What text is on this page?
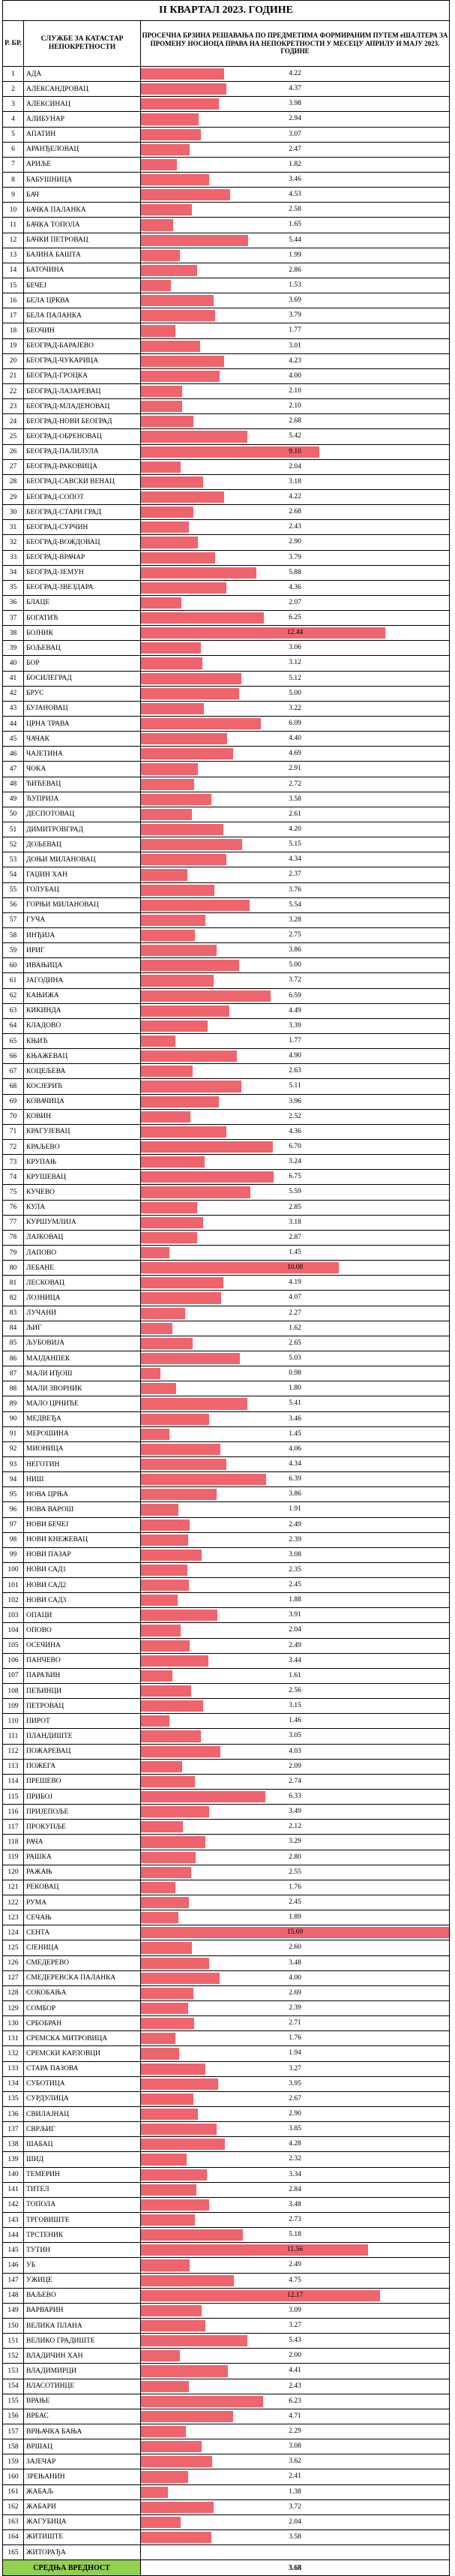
II КВАРТАЛ 2023. ГОДИНЕ		
Р. БР.	СЛУЖБЕ ЗА КАТАСТАР НЕПОКРЕТНОСТИ	ПРОСЕЧНА БРЗИНА РЕШАВАЊА ПО ПРЕДМЕТИМА ФОРМИРАНИМ ПУТЕМ еШАЛТЕРА ЗА ПРОМЕНУ НОСИОЦА ПРАВА НА НЕПОКРЕТНОСТИ У МЕСЕЦУ АПРИЛУ И МАЈУ 2023. ГОДИНЕ
1	АДА	4.22

2	АЛЕКСАНДРОВАЦ	4.37

3	АЛЕКСИНАЦ	3.98

4	АЛИБУНАР	2.94

5	АПАТИН	3.07

6	АРАНЂЕЛОВАЦ	2.47

7	АРИЉЕ	1.82

8	БАБУШНИЦА	3.46

9	БАЧ	4.53

10	БАЧКА ПАЛАНКА	2.58

11	БАЧКА ТОПОЛА	1.65

12	БАЧКИ ПЕТРОВАЦ	5.44

13	БАЈИНА БАШТА	1.99

14	БАТОЧИНА	2.86

15	БЕЧЕЈ	1.53

16	БЕЛА ЦРКВА	3.69

17	БЕЛА ПАЛАНКА	3.79

18	БЕОЧИН	1.77

19	БЕОГРАД-БАРАЈЕВО	3.01

20	БЕОГРАД-ЧУКАРИЦА	4.23

21	БЕОГРАД-ГРОЦКА	4.00

22	БЕОГРАД-ЛАЗАРЕВАЦ	2.10

23	БЕОГРАД-МЛАДЕНОВАЦ	2.10

24	БЕОГРАД-НОВИ БЕОГРАД	2.68

25	БЕОГРАД-ОБРЕНОВАЦ	5.42

26	БЕОГРАД-ПАЛИЛУЛА	9.10

27	БЕОГРАД-РАКОВИЦА	2.04

28	БЕОГРАД-САВСКИ ВЕНАЦ	3.18

29	БЕОГРАД-СОПОТ	4.22

30	БЕОГРАД-СТАРИ ГРАД	2.68

31	БЕОГРАД-СУРЧИН	2.43

32	БЕОГРАД-ВОЖДОВАЦ	2.90

33	БЕОГРАД-ВРАЧАР	3.79

34	БЕОГРАД-ЗЕМУН	5.88

35	БЕОГРАД-ЗВЕЗДАРА	4.36

36	БЛАЦЕ	2.07

37	БОГАТИЋ	6.25

38	БОЈНИК	12.44

39	БОЉЕВАЦ	3.06

40	БОР	3.12

41	БОСИЛЕГРАД	5.12

42	БРУС	5.00

43	БУЈАНОВАЦ	3.22

44	ЦРНА ТРАВА	6.09

45	ЧАЧАК	4.40

46	ЧАЈЕТИНА	4.69

47	ЧОКА	2.91

48	ЋИЋЕВАЦ	2.72

49	ЋУПРИЈА	3.58

50	ДЕСПОТОВАЦ	2.61

51	ДИМИТРОВГРАД	4.20

52	ДОЉЕВАЦ	5.15

53	ДОЊИ МИЛАНОВАЦ	4.34

54	ГАЏИН ХАН	2.37

55	ГОЛУБАЦ	3.76

56	ГОРЊИ МИЛАНОВАЦ	5.54

57	ГУЧА	3.28

58	ИНЂИЈА	2.75

59	ИРИГ	3.86

60	ИВАЊИЦА	5.00

61	ЈАГОДИНА	3.72

62	КАЊИЖА	6.59

63	КИКИНДА	4.49

64	КЛАДОВО	3.39

65	КЊИЋ	1.77

66	КЊАЖЕВАЦ	4.90

67	КОЦЕЉЕВА	2.63

68	КОСЈЕРИЋ	5.11

69	КОВАЧИЦА	3.96

70	КОВИН	2.52

71	КРАГУЈЕВАЦ	4.36

72	КРАЉЕВО	6.70

73	КРУПАЊ	3.24

74	КРУШЕВАЦ	6.75

75	КУЧЕВО	5.59

76	КУЛА	2.85

77	КУРШУМЛИЈА	3.18

78	ЛАЈКОВАЦ	2.87

79	ЛАПОВО	1.45

80	ЛЕБАНЕ	10.08

81	ЛЕСКОВАЦ	4.19

82	ЛОЗНИЦА	4.07

83	ЛУЧАНИ	2.27

84	ЉИГ	1.62

85	ЉУБОВИЈА	2.65

86	МАЈДАНПЕК	5.03

87	МАЛИ ИЂОШ	0.98

88	МАЛИ ЗВОРНИК	1.80

89	МАЛО ЦРНИЋЕ	5.41

90	МЕДВЕЂА	3.46

91	МЕРОШИНА	1.45

92	МИОНИЦА	4.06

93	НЕГОТИН	4.34

94	НИШ	6.39

95	НОВА ЦРЊА	3.86

96	НОВА ВАРОШ	1.91

97	НОВИ БЕЧЕЈ	2.49

98	НОВИ КНЕЖЕВАЦ	2.39

99	НОВИ ПАЗАР	3.08

100	НОВИ САД1	2.35

101	НОВИ САД2	2.45

102	НОВИ САД3	1.88

103	ОПАЦИ	3.91

104	ОПОВО	2.04

105	ОСЕЧИНА	2.49

106	ПАНЧЕВО	3.44

107	ПАРАЋИН	1.61

108	ПЕЋИНЦИ	2.56

109	ПЕТРОВАЦ	3.15

110	ПИРОТ	1.46

111	ПЛАНДИШТЕ	3.05

112	ПОЖАРЕВАЦ	4.03

113	ПОЖЕГА	2.09

114	ПРЕШЕВО	2.74

115	ПРИБОЈ	6.33

116	ПРИЈЕПОЉЕ	3.49

117	ПРОКУПЉЕ	2.12

118	РАЧА	3.29

119	РАШКА	2.80

120	РАЖАЊ	2.55

121	РЕКОВАЦ	1.76

122	РУМА	2.45

123	СЕЧАЊ	1.89

124	СЕНТА	15.69

125	СЈЕНИЦА	2.60

126	СМЕДЕРЕВО	3.48

127	СМЕДЕРЕВСКА ПАЛАНКА	4.00

128	СОКОБАЊА	2.69

129	СОМБОР	2.39

130	СРБОБРАН	2.71

131	СРЕМСКА МИТРОВИЦА	1.76

132	СРЕМСКИ КАРЛОВЦИ	1.94

133	СТАРА ПАЗОВА	3.27

134	СУБОТИЦА	3.95

135	СУРДУЛИЦА	2.67

136	СВИЛАЈНАЦ	2.90

137	СВРЉИГ	3.85

138	ШАБАЦ	4.28

139	ШИД	2.32

140	ТЕМЕРИН	3.34

141	ТИТЕЛ	2.84

142	ТОПОЛА	3.48

143	ТРГОВИШТЕ	2.73

144	ТРСТЕНИК	5.18

145	ТУТИН	11.56

146	УБ	2.49

147	УЖИЦЕ	4.75

148	ВАЉЕВО	12.17

149	ВАРВАРИН	3.09

150	ВЕЛИКА ПЛАНА	3.27

151	ВЕЛИКО ГРАДИШТЕ	5.43

152	ВЛАДИЧИН ХАН	2.00

153	ВЛАДИМИРЦИ	4.41

154	ВЛАСОТИНЦЕ	2.43

155	ВРАЊЕ	6.23

156	ВРБАС	4.71

157	ВРЊАЧКА БАЊА	2.29

158	ВРШАЦ	3.08

159	ЗАЈЕЧАР	3.62

160	ЗРЕЊАНИН	2.41

161	ЖАБАЉ	1.38

162	ЖАБАРИ	3.72

163	ЖАГУБИЦА	2.04

164	ЖИТИШТЕ	3.58

165	ЖИТОРАЂА	

СРЕДЊА ВРЕДНОСТ		3.68
